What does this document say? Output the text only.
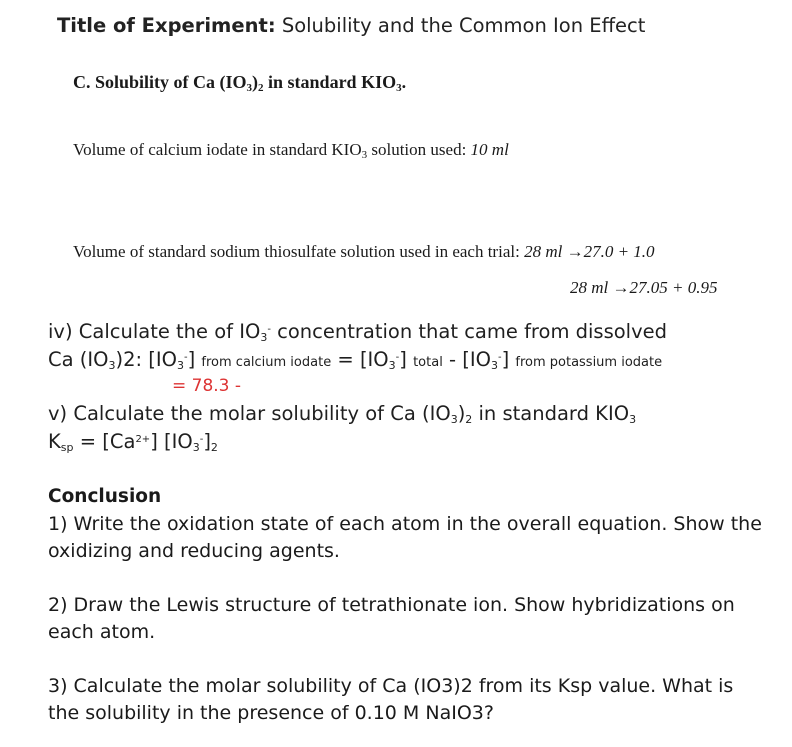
Title of Experiment: Solubility and the Common Ion Effect
C. Solubility of Ca $(IO_3)_2$ in standard $KIO_3$.
Volume of calcium iodate in standard $KIO_3$ solution used: 10 ml
Volume of standard sodium thiosulfate solution used in each trial: 28 ml →27.0 + 1.0
28 ml →27.05 + 0.95
iv) Calculate the of $IO_3^-$ concentration that came from dissolved
Ca $(IO_3)2$: $[IO_3^-]$ from calcium iodate = $[IO_3^-]$ total - $[IO_3^-]$ from potassium iodate
= 78.3 -
v) Calculate the molar solubility of Ca $(IO_3)_2$ in standard $KIO_3$
$K_{sp} = [Ca^{2+}]$ $[IO_3^-]_2$
Conclusion
1) Write the oxidation state of each atom in the overall equation. Show the oxidizing and reducing agents.
2) Draw the Lewis structure of tetrathionate ion. Show hybridizations on each atom.
3) Calculate the molar solubility of Ca (IO3)2 from its Ksp value. What is the solubility in the presence of 0.10 M NaIO3?
